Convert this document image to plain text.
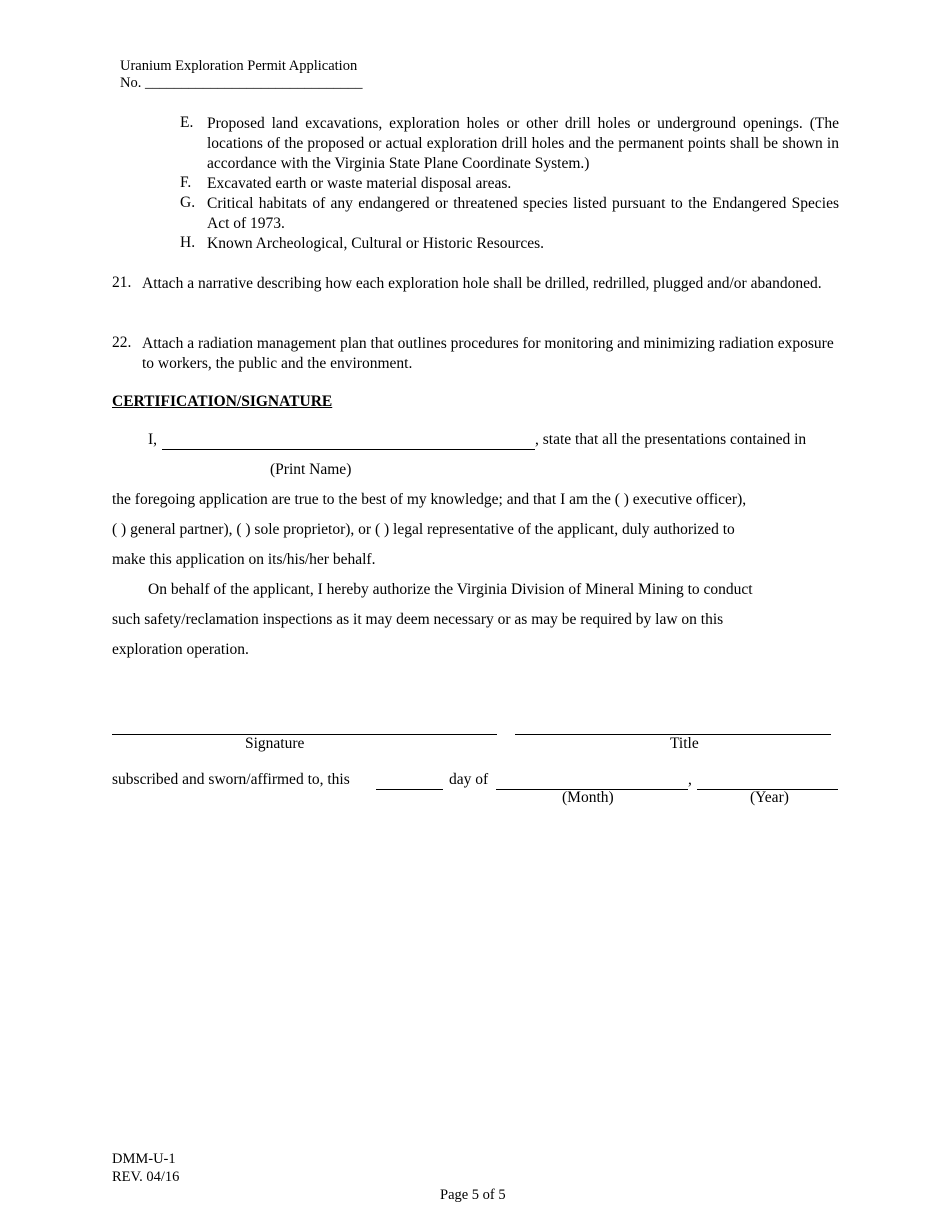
Uranium Exploration Permit Application
No. ______________________________
E. Proposed land excavations, exploration holes or other drill holes or underground openings. (The locations of the proposed or actual exploration drill holes and the permanent points shall be shown in accordance with the Virginia State Plane Coordinate System.)
F. Excavated earth or waste material disposal areas.
G. Critical habitats of any endangered or threatened species listed pursuant to the Endangered Species Act of 1973.
H. Known Archeological, Cultural or Historic Resources.
21. Attach a narrative describing how each exploration hole shall be drilled, redrilled, plugged and/or abandoned.
22. Attach a radiation management plan that outlines procedures for monitoring and minimizing radiation exposure to workers, the public and the environment.
CERTIFICATION/SIGNATURE
I,	, state that all the presentations contained in
(Print Name)
the foregoing application are true to the best of my knowledge; and that I am the ( ) executive officer),
( ) general partner), ( ) sole proprietor), or ( ) legal representative of the applicant, duly authorized to
make this application on its/his/her behalf.
On behalf of the applicant, I hereby authorize the Virginia Division of Mineral Mining to conduct
such safety/reclamation inspections as it may deem necessary or as may be required by law on this
exploration operation.
Signature	Title
subscribed and sworn/affirmed to, this	day of	,
(Month)	(Year)
DMM-U-1
REV. 04/16
Page 5 of 5
